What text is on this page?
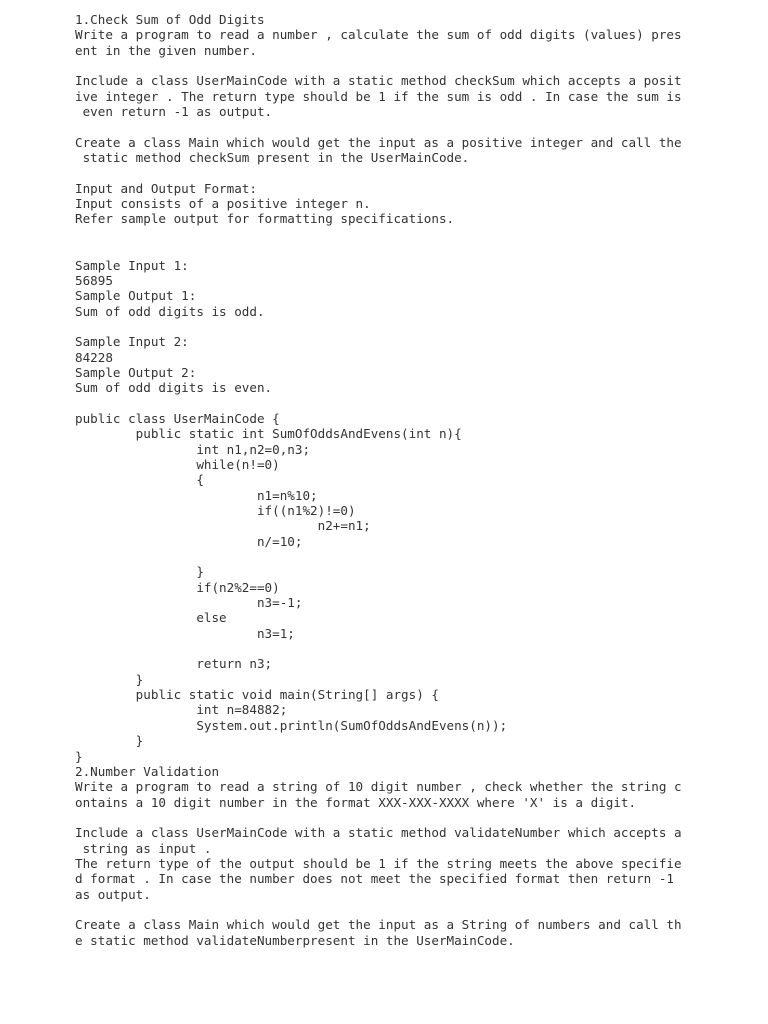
1.Check Sum of Odd Digits
Write a program to read a number , calculate the sum of odd digits (values) pres
ent in the given number.

Include a class UserMainCode with a static method checkSum which accepts a posit
ive integer . The return type should be 1 if the sum is odd . In case the sum is
even return -1 as output.

Create a class Main which would get the input as a positive integer and call the
static method checkSum present in the UserMainCode.

Input and Output Format:
Input consists of a positive integer n.
Refer sample output for formatting specifications.

Sample Input 1:
56895
Sample Output 1:
Sum of odd digits is odd.

Sample Input 2:
84228
Sample Output 2:
Sum of odd digits is even.

public class UserMainCode {
public static int SumOfOddsAndEvens(int n){
int n1,n2=0,n3;
while(n!=0)
{
n1=n%10;
if((n1%2)!=0)
n2+=n1;
n/=10;

}
if(n2%2==0)
n3=-1;
else
n3=1;

return n3;
}
public static void main(String[] args) {
int n=84882;
System.out.println(SumOfOddsAndEvens(n));
}
}
2.Number Validation
Write a program to read a string of 10 digit number , check whether the string c
ontains a 10 digit number in the format XXX-XXX-XXXX where 'X' is a digit.

Include a class UserMainCode with a static method validateNumber which accepts a
string as input .
The return type of the output should be 1 if the string meets the above specifie
d format . In case the number does not meet the specified format then return -1
as output.

Create a class Main which would get the input as a String of numbers and call th
e static method validateNumberpresent in the UserMainCode.
